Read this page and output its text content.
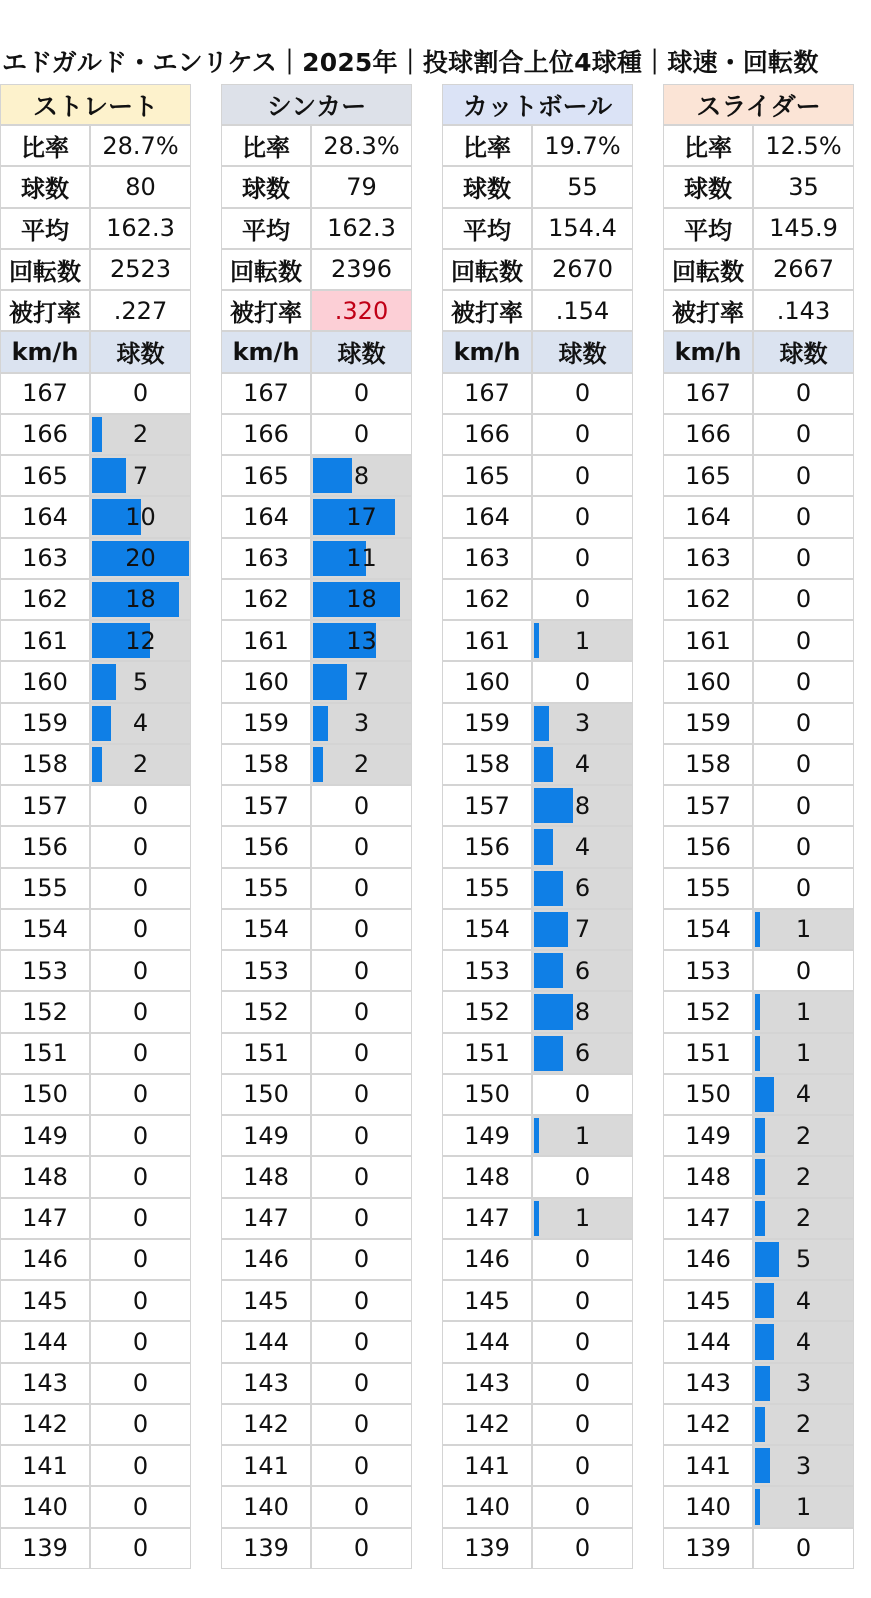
エドガルド・エンリケス｜2025年｜投球割合上位4球種｜球速・回転数
ストレート
比率	28.7%
球数	80
平均	162.3
回転数	2523
被打率	.227
km/h	球数
167	0
166	2
165	7
164	10
163	20
162	18
161	12
160	5
159	4
158	2
157	0
156	0
155	0
154	0
153	0
152	0
151	0
150	0
149	0
148	0
147	0
146	0
145	0
144	0
143	0
142	0
141	0
140	0
139	0
シンカー
比率	28.3%
球数	79
平均	162.3
回転数	2396
被打率	.320
km/h	球数
167	0
166	0
165	8
164	17
163	11
162	18
161	13
160	7
159	3
158	2
157	0
156	0
155	0
154	0
153	0
152	0
151	0
150	0
149	0
148	0
147	0
146	0
145	0
144	0
143	0
142	0
141	0
140	0
139	0
カットボール
比率	19.7%
球数	55
平均	154.4
回転数	2670
被打率	.154
km/h	球数
167	0
166	0
165	0
164	0
163	0
162	0
161	1
160	0
159	3
158	4
157	8
156	4
155	6
154	7
153	6
152	8
151	6
150	0
149	1
148	0
147	1
146	0
145	0
144	0
143	0
142	0
141	0
140	0
139	0
スライダー
比率	12.5%
球数	35
平均	145.9
回転数	2667
被打率	.143
km/h	球数
167	0
166	0
165	0
164	0
163	0
162	0
161	0
160	0
159	0
158	0
157	0
156	0
155	0
154	1
153	0
152	1
151	1
150	4
149	2
148	2
147	2
146	5
145	4
144	4
143	3
142	2
141	3
140	1
139	0
